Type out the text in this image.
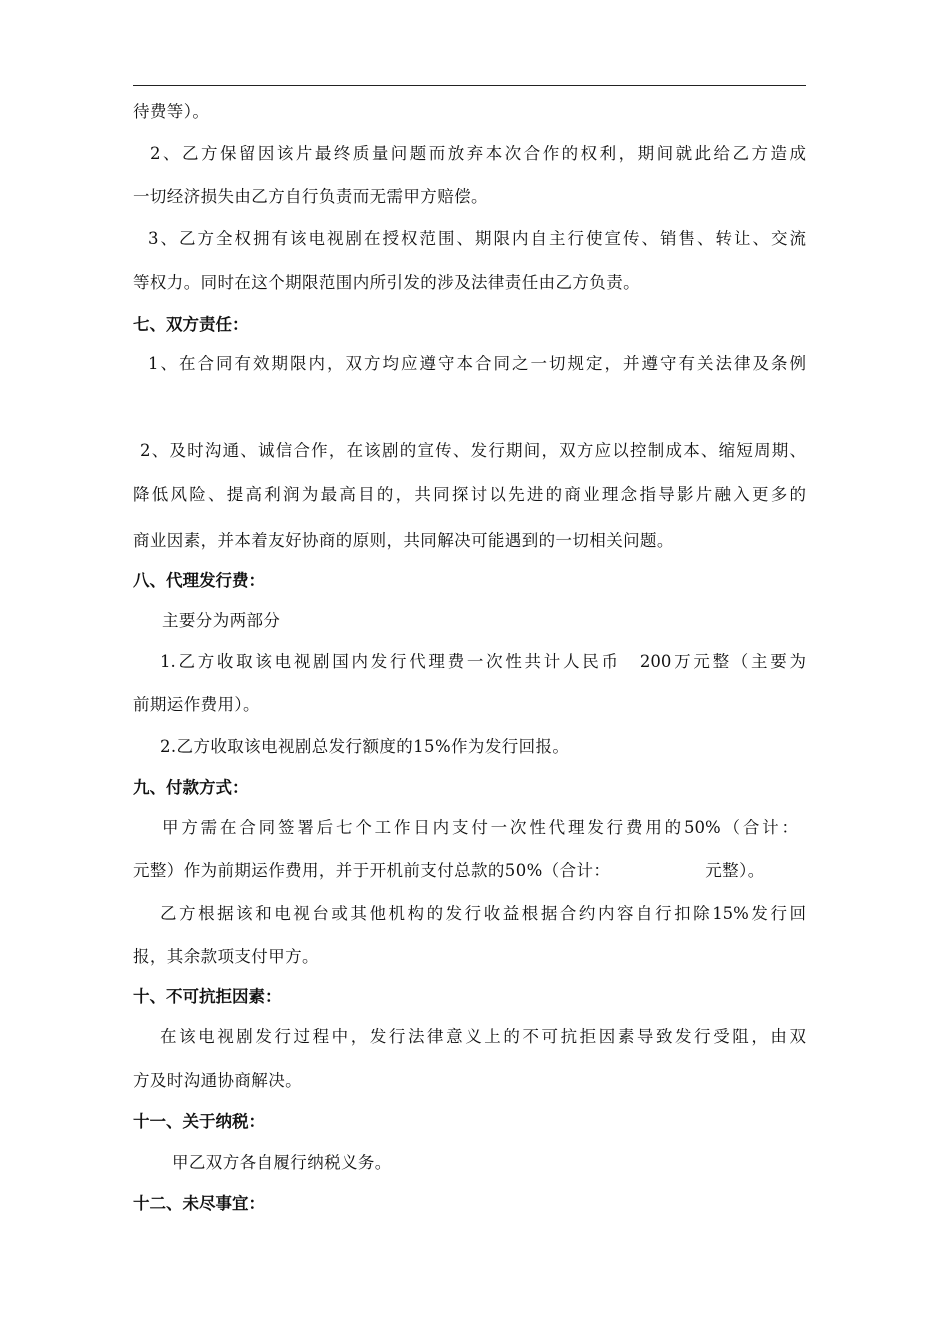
待费等）。
2、乙方保留因该片最终质量问题而放弃本次合作的权利，期间就此给乙方造成
一切经济损失由乙方自行负责而无需甲方赔偿。
3、乙方全权拥有该电视剧在授权范围、期限内自主行使宣传、销售、转让、交流
等权力。同时在这个期限范围内所引发的涉及法律责任由乙方负责。
七、双方责任：
1、在合同有效期限内，双方均应遵守本合同之一切规定，并遵守有关法律及条例
2、及时沟通、诚信合作，在该剧的宣传、发行期间，双方应以控制成本、缩短周期、
降低风险、提高利润为最高目的，共同探讨以先进的商业理念指导影片融入更多的
商业因素，并本着友好协商的原则，共同解决可能遇到的一切相关问题。
八、代理发行费：
主要分为两部分
1.乙方收取该电视剧国内发行代理费一次性共计人民币　200万元整（主要为
前期运作费用）。
2.乙方收取该电视剧总发行额度的15%作为发行回报。
九、付款方式：
甲方需在合同签署后七个工作日内支付一次性代理发行费用的50%（合计：
元整）作为前期运作费用，并于开机前支付总款的50%（合计：	元整）。
乙方根据该和电视台或其他机构的发行收益根据合约内容自行扣除15%发行回
报，其余款项支付甲方。
十、不可抗拒因素：
在该电视剧发行过程中，发行法律意义上的不可抗拒因素导致发行受阻，由双
方及时沟通协商解决。
十一、关于纳税：
甲乙双方各自履行纳税义务。
十二、未尽事宜：
